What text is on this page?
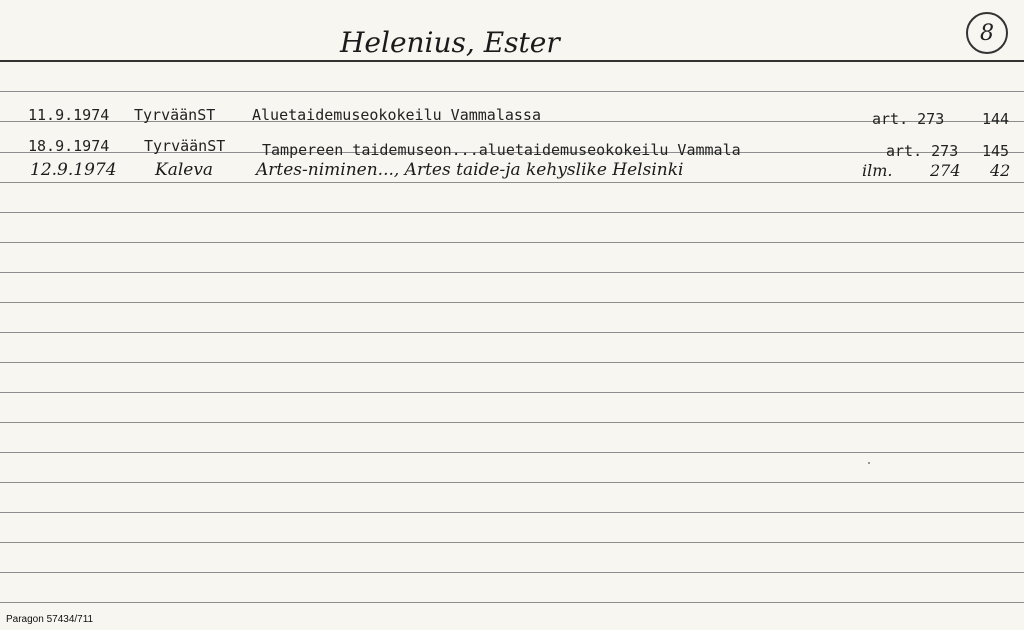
8
Helenius, Ester
11.9.1974 TyrväänST Aluetaidemuseokokeilu Vammalassa	art. 273	144
18.9.1974 TyrväänST Tampereen taidemuseon...aluetaidemuseokokeilu Vammala	art. 273 145
12.9.1974 Kaleva	Artes-niminen..., Artes taide-ja kehyslike Helsinki	ilm. 274 42
Paragon 57434/711
